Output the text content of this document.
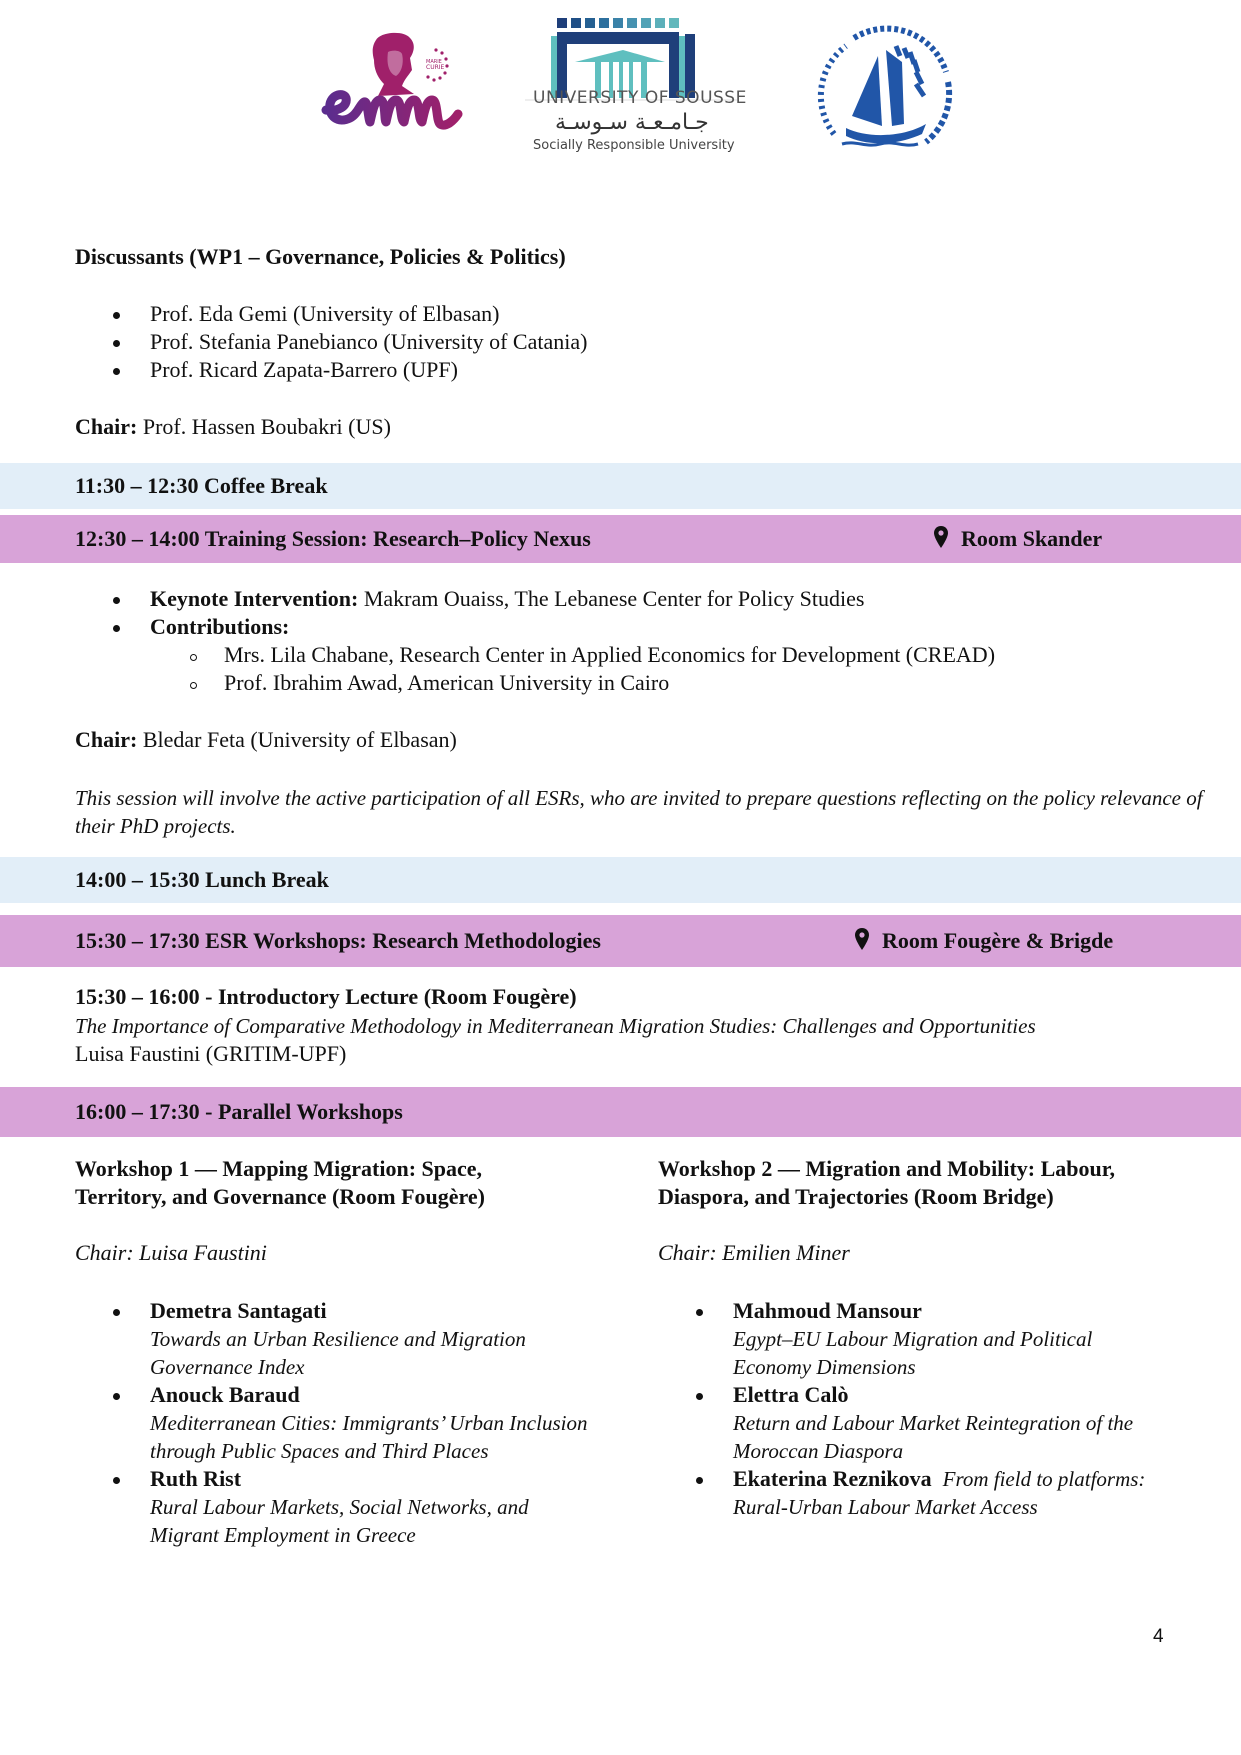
MARIE
CURIE
UNIVERSITY OF SOUSSE
جـامـعـة سـوسـة
Socially Responsible University
Discussants (WP1 – Governance, Policies & Politics)
Prof. Eda Gemi (University of Elbasan)
Prof. Stefania Panebianco (University of Catania)
Prof. Ricard Zapata-Barrero (UPF)
Chair: Prof. Hassen Boubakri (US)
11:30 – 12:30 Coffee Break
12:30 – 14:00 Training Session: Research–Policy Nexus	Room Skander
Keynote Intervention: Makram Ouaiss, The Lebanese Center for Policy Studies
Contributions:
Mrs. Lila Chabane, Research Center in Applied Economics for Development (CREAD)
Prof. Ibrahim Awad, American University in Cairo
Chair: Bledar Feta (University of Elbasan)
This session will involve the active participation of all ESRs, who are invited to prepare questions reflecting on the policy relevance of
their PhD projects.
14:00 – 15:30 Lunch Break
15:30 – 17:30 ESR Workshops: Research Methodologies	Room Fougère & Brigde
15:30 – 16:00 - Introductory Lecture (Room Fougère)
The Importance of Comparative Methodology in Mediterranean Migration Studies: Challenges and Opportunities
Luisa Faustini (GRITIM-UPF)
16:00 – 17:30 - Parallel Workshops
Workshop 1 — Mapping Migration: Space,
Territory, and Governance (Room Fougère)
Chair: Luisa Faustini
Demetra Santagati
Towards an Urban Resilience and Migration
Governance Index
Anouck Baraud
Mediterranean Cities: Immigrants’ Urban Inclusion
through Public Spaces and Third Places
Ruth Rist
Rural Labour Markets, Social Networks, and
Migrant Employment in Greece
Workshop 2 — Migration and Mobility: Labour,
Diaspora, and Trajectories (Room Bridge)
Chair: Emilien Miner
Mahmoud Mansour
Egypt–EU Labour Migration and Political
Economy Dimensions
Elettra Calò
Return and Labour Market Reintegration of the
Moroccan Diaspora
Ekaterina Reznikova From field to platforms:
Rural-Urban Labour Market Access
4
